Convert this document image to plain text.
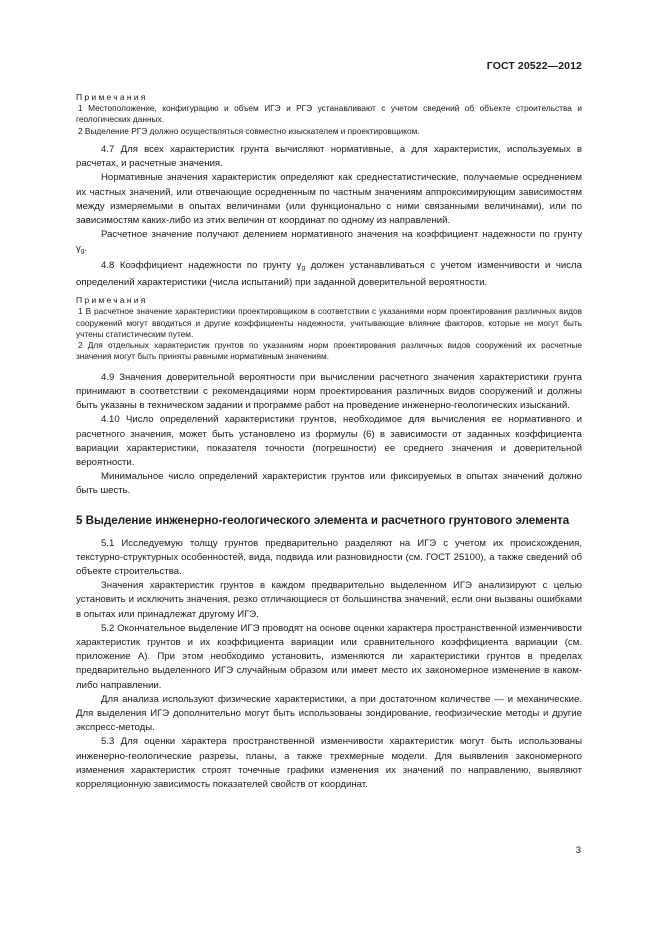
ГОСТ 20522—2012

Примечания

1 Местоположение, конфигурацию и объем ИГЭ и РГЭ устанавливают с учетом сведений об объекте строительства и геологических данных.

2 Выделение РГЭ должно осуществляться совместно изыскателем и проектировщиком.

4.7 Для всех характеристик грунта вычисляют нормативные, а для характеристик, используемых в расчетах, и расчетные значения.

Нормативные значения характеристик определяют как среднестатистические, получаемые осреднением их частных значений, или отвечающие осредненным по частным значениям аппроксимирующим зависимостям между измеряемыми в опытах величинами (или функционально с ними связанными величинами), или по зависимостям каких-либо из этих величин от координат по одному из направлений.

Расчетное значение получают делением нормативного значения на коэффициент надежности по грунту $\gamma_g$.

4.8 Коэффициент надежности по грунту $\gamma_g$ должен устанавливаться с учетом изменчивости и числа определений характеристики (числа испытаний) при заданной доверительной вероятности.

Примечания

1 В расчетное значение характеристики проектировщиком в соответствии с указаниями норм проектирования различных видов сооружений могут вводиться и другие коэффициенты надежности, учитывающие влияние факторов, которые не могут быть учтены статистическим путем.

2 Для отдельных характеристик грунтов по указаниям норм проектирования различных видов сооружений их расчетные значения могут быть приняты равными нормативным значениям.

4.9 Значения доверительной вероятности при вычислении расчетного значения характеристики грунта принимают в соответствии с рекомендациями норм проектирования различных видов сооружений и должны быть указаны в техническом задании и программе работ на проведение инженерно-геологических изысканий.

4.10 Число определений характеристики грунтов, необходимое для вычисления ее нормативного и расчетного значения, может быть установлено из формулы (6) в зависимости от заданных коэффициента вариации характеристики, показателя точности (погрешности) ее среднего значения и доверительной вероятности.

Минимальное число определений характеристик грунтов или фиксируемых в опытах значений должно быть шесть.

5 Выделение инженерно-геологического элемента и расчетного грунтового элемента

5.1 Исследуемую толщу грунтов предварительно разделяют на ИГЭ с учетом их происхождения, текстурно-структурных особенностей, вида, подвида или разновидности (см. ГОСТ 25100), а также сведений об объекте строительства.

Значения характеристик грунтов в каждом предварительно выделенном ИГЭ анализируют с целью установить и исключить значения, резко отличающиеся от большинства значений, если они вызваны ошибками в опытах или принадлежат другому ИГЭ.

5.2 Окончательное выделение ИГЭ проводят на основе оценки характера пространственной изменчивости характеристик грунтов и их коэффициента вариации или сравнительного коэффициента вариации (см. приложение А). При этом необходимо установить, изменяются ли характеристики грунтов в пределах предварительно выделенного ИГЭ случайным образом или имеет место их закономерное изменение в каком-либо направлении.

Для анализа используют физические характеристики, а при достаточном количестве — и механические. Для выделения ИГЭ дополнительно могут быть использованы зондирование, геофизические методы и другие экспресс-методы.

5.3 Для оценки характера пространственной изменчивости характеристик могут быть использованы инженерно-геологические разрезы, планы, а также трехмерные модели. Для выявления закономерного изменения характеристик строят точечные графики изменения их значений по направлению, выявляют корреляционную зависимость показателей свойств от координат.

3
